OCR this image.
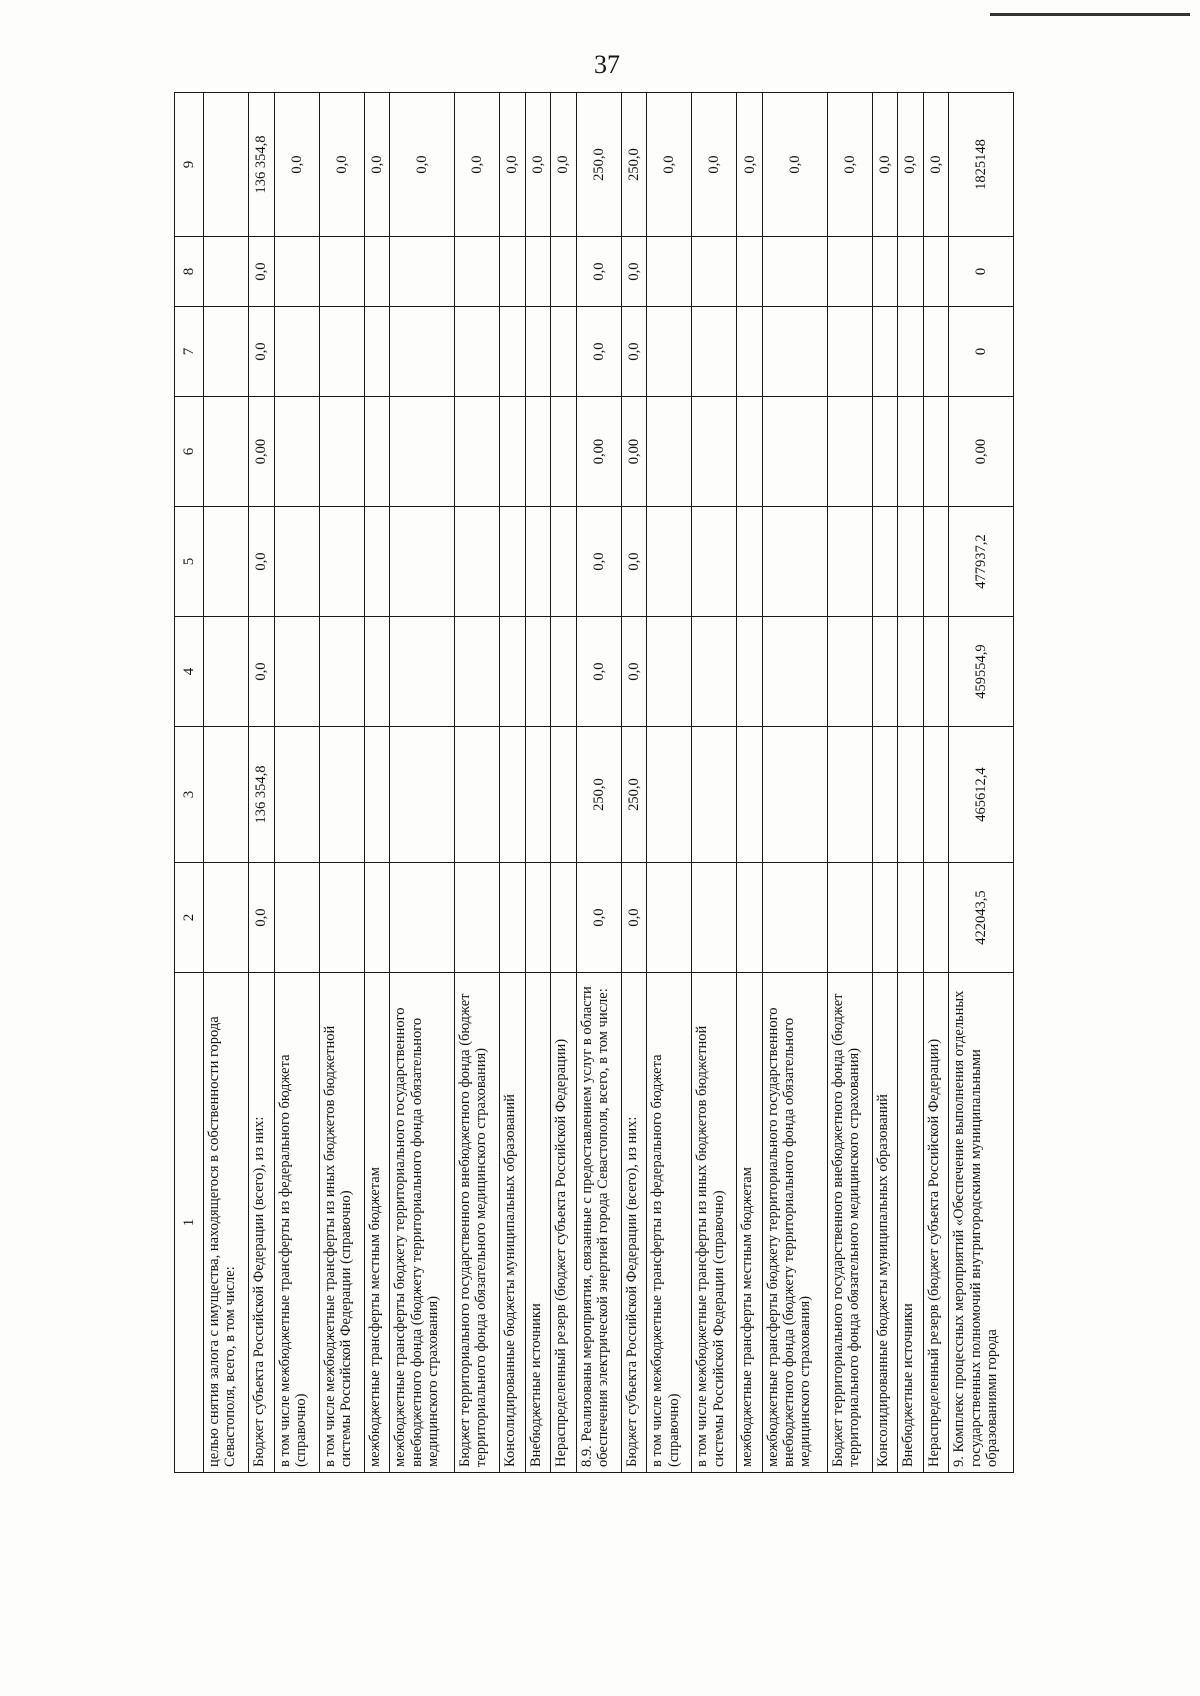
37
1	2	3	4	5	6	7	8	9
целью снятия залога с имущества, находящегося в собственности города Севастополя, всего, в том числе:								
Бюджет субъекта Российской Федерации (всего), из них:	0,0	136 354,8	0,0	0,0	0,00	0,0	0,0	136 354,8
в том числе межбюджетные трансферты из федерального бюджета (справочно)								0,0
в том числе межбюджетные трансферты из иных бюджетов бюджетной системы Российской Федерации (справочно)								0,0
межбюджетные трансферты местным бюджетам								0,0
межбюджетные трансферты бюджету территориального государственного внебюджетного фонда (бюджету территориального фонда обязательного медицинского страхования)								0,0
Бюджет территориального государственного внебюджетного фонда (бюджет территориального фонда обязательного медицинского страхования)								0,0
Консолидированные бюджеты муниципальных образований								0,0
Внебюджетные источники								0,0
Нераспределенный резерв (бюджет субъекта Российской Федерации)								0,0
8.9. Реализованы мероприятия, связанные с предоставлением услуг в области обеспечения электрической энергией города Севастополя, всего, в том числе:	0,0	250,0	0,0	0,0	0,00	0,0	0,0	250,0
Бюджет субъекта Российской Федерации (всего), из них:	0,0	250,0	0,0	0,0	0,00	0,0	0,0	250,0
в том числе межбюджетные трансферты из федерального бюджета (справочно)								0,0
в том числе межбюджетные трансферты из иных бюджетов бюджетной системы Российской Федерации (справочно)								0,0
межбюджетные трансферты местным бюджетам								0,0
межбюджетные трансферты бюджету территориального государственного внебюджетного фонда (бюджету территориального фонда обязательного медицинского страхования)								0,0
Бюджет территориального государственного внебюджетного фонда (бюджет территориального фонда обязательного медицинского страхования)								0,0
Консолидированные бюджеты муниципальных образований								0,0
Внебюджетные источники								0,0
Нераспределенный резерв (бюджет субъекта Российской Федерации)								0,0
9. Комплекс процессных мероприятий «Обеспечение выполнения отдельных государственных полномочий внутригородскими муниципальными образованиями города	422043,5	465612,4	459554,9	477937,2	0,00	0	0	1825148
